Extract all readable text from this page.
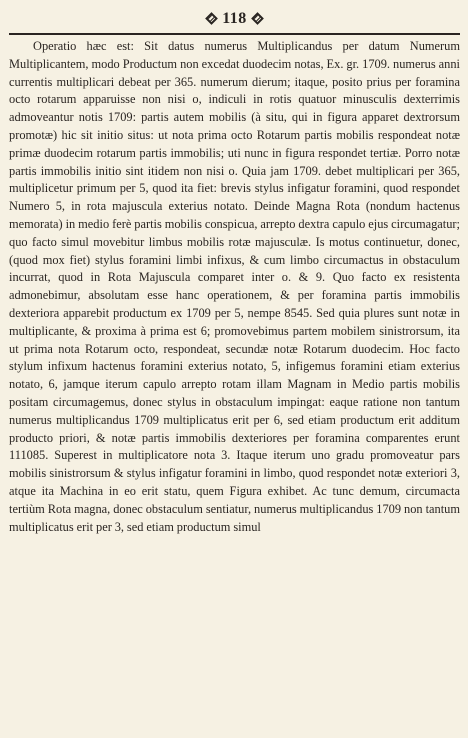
118

Operatio hæc est: Sit datus numerus Multiplicandus per datum Numerum Multiplicantem, modo Productum non excedat duodecim notas, Ex. gr. 1709. numerus anni currentis multiplicari debeat per 365. numerum dierum; itaque, posito prius per foramina octo rotarum apparuisse non nisi o, indiculi in rotis quatuor minusculis dexterrimis admoveantur notis 1709: partis autem mobilis (à situ, qui in figura apparet dextrorsum promotæ) hic sit initio situs: ut nota prima octo Rotarum partis mobilis respondeat notæ primæ duodecim rotarum partis immobilis; uti nunc in figura respondet tertiæ. Porro notæ partis immobilis initio sint itidem non nisi o. Quia jam 1709. debet multiplicari per 365, multiplicetur primum per 5, quod ita fiet: brevis stylus infigatur foramini, quod respondet Numero 5, in rota majuscula exterius notato. Deinde Magna Rota (nondum hactenus memorata) in medio ferè partis mobilis conspicua, arrepto dextra capulo ejus circumagatur; quo facto simul movebitur limbus mobilis rotæ majusculæ. Is motus continuetur, donec, (quod mox fiet) stylus foramini limbi infixus, & cum limbo circumactus in obstaculum incurrat, quod in Rota Majuscula comparet inter o. & 9. Quo facto ex resistenta admonebimur, absolutam esse hanc operationem, & per foramina partis immobilis dexteriora apparebit productum ex 1709 per 5, nempe 8545. Sed quia plures sunt notæ in multiplicante, & proxima à prima est 6; promovebimus partem mobilem sinistrorsum, ita ut prima nota Rotarum octo, respondeat, secundæ notæ Rotarum duodecim. Hoc facto stylum infixum hactenus foramini exterius notato, 5, infigemus foramini etiam exterius notato, 6, jamque iterum capulo arrepto rotam illam Magnam in Medio partis mobilis positam circumagemus, donec stylus in obstaculum impingat: eaque ratione non tantum numerus multiplicandus 1709 multiplicatus erit per 6, sed etiam productum erit additum producto priori, & notæ partis immobilis dexteriores per foramina comparentes erunt 111085. Superest in multiplicatore nota 3. Itaque iterum uno gradu promoveatur pars mobilis sinistrorsum & stylus infigatur foramini in limbo, quod respondet notæ exteriori 3, atque ita Machina in eo erit statu, quem Figura exhibet. Ac tunc demum, circumacta tertiùm Rota magna, donec obstaculum sentiatur, numerus multiplicandus 1709 non tantum multiplicatus erit per 3, sed etiam productum simul
